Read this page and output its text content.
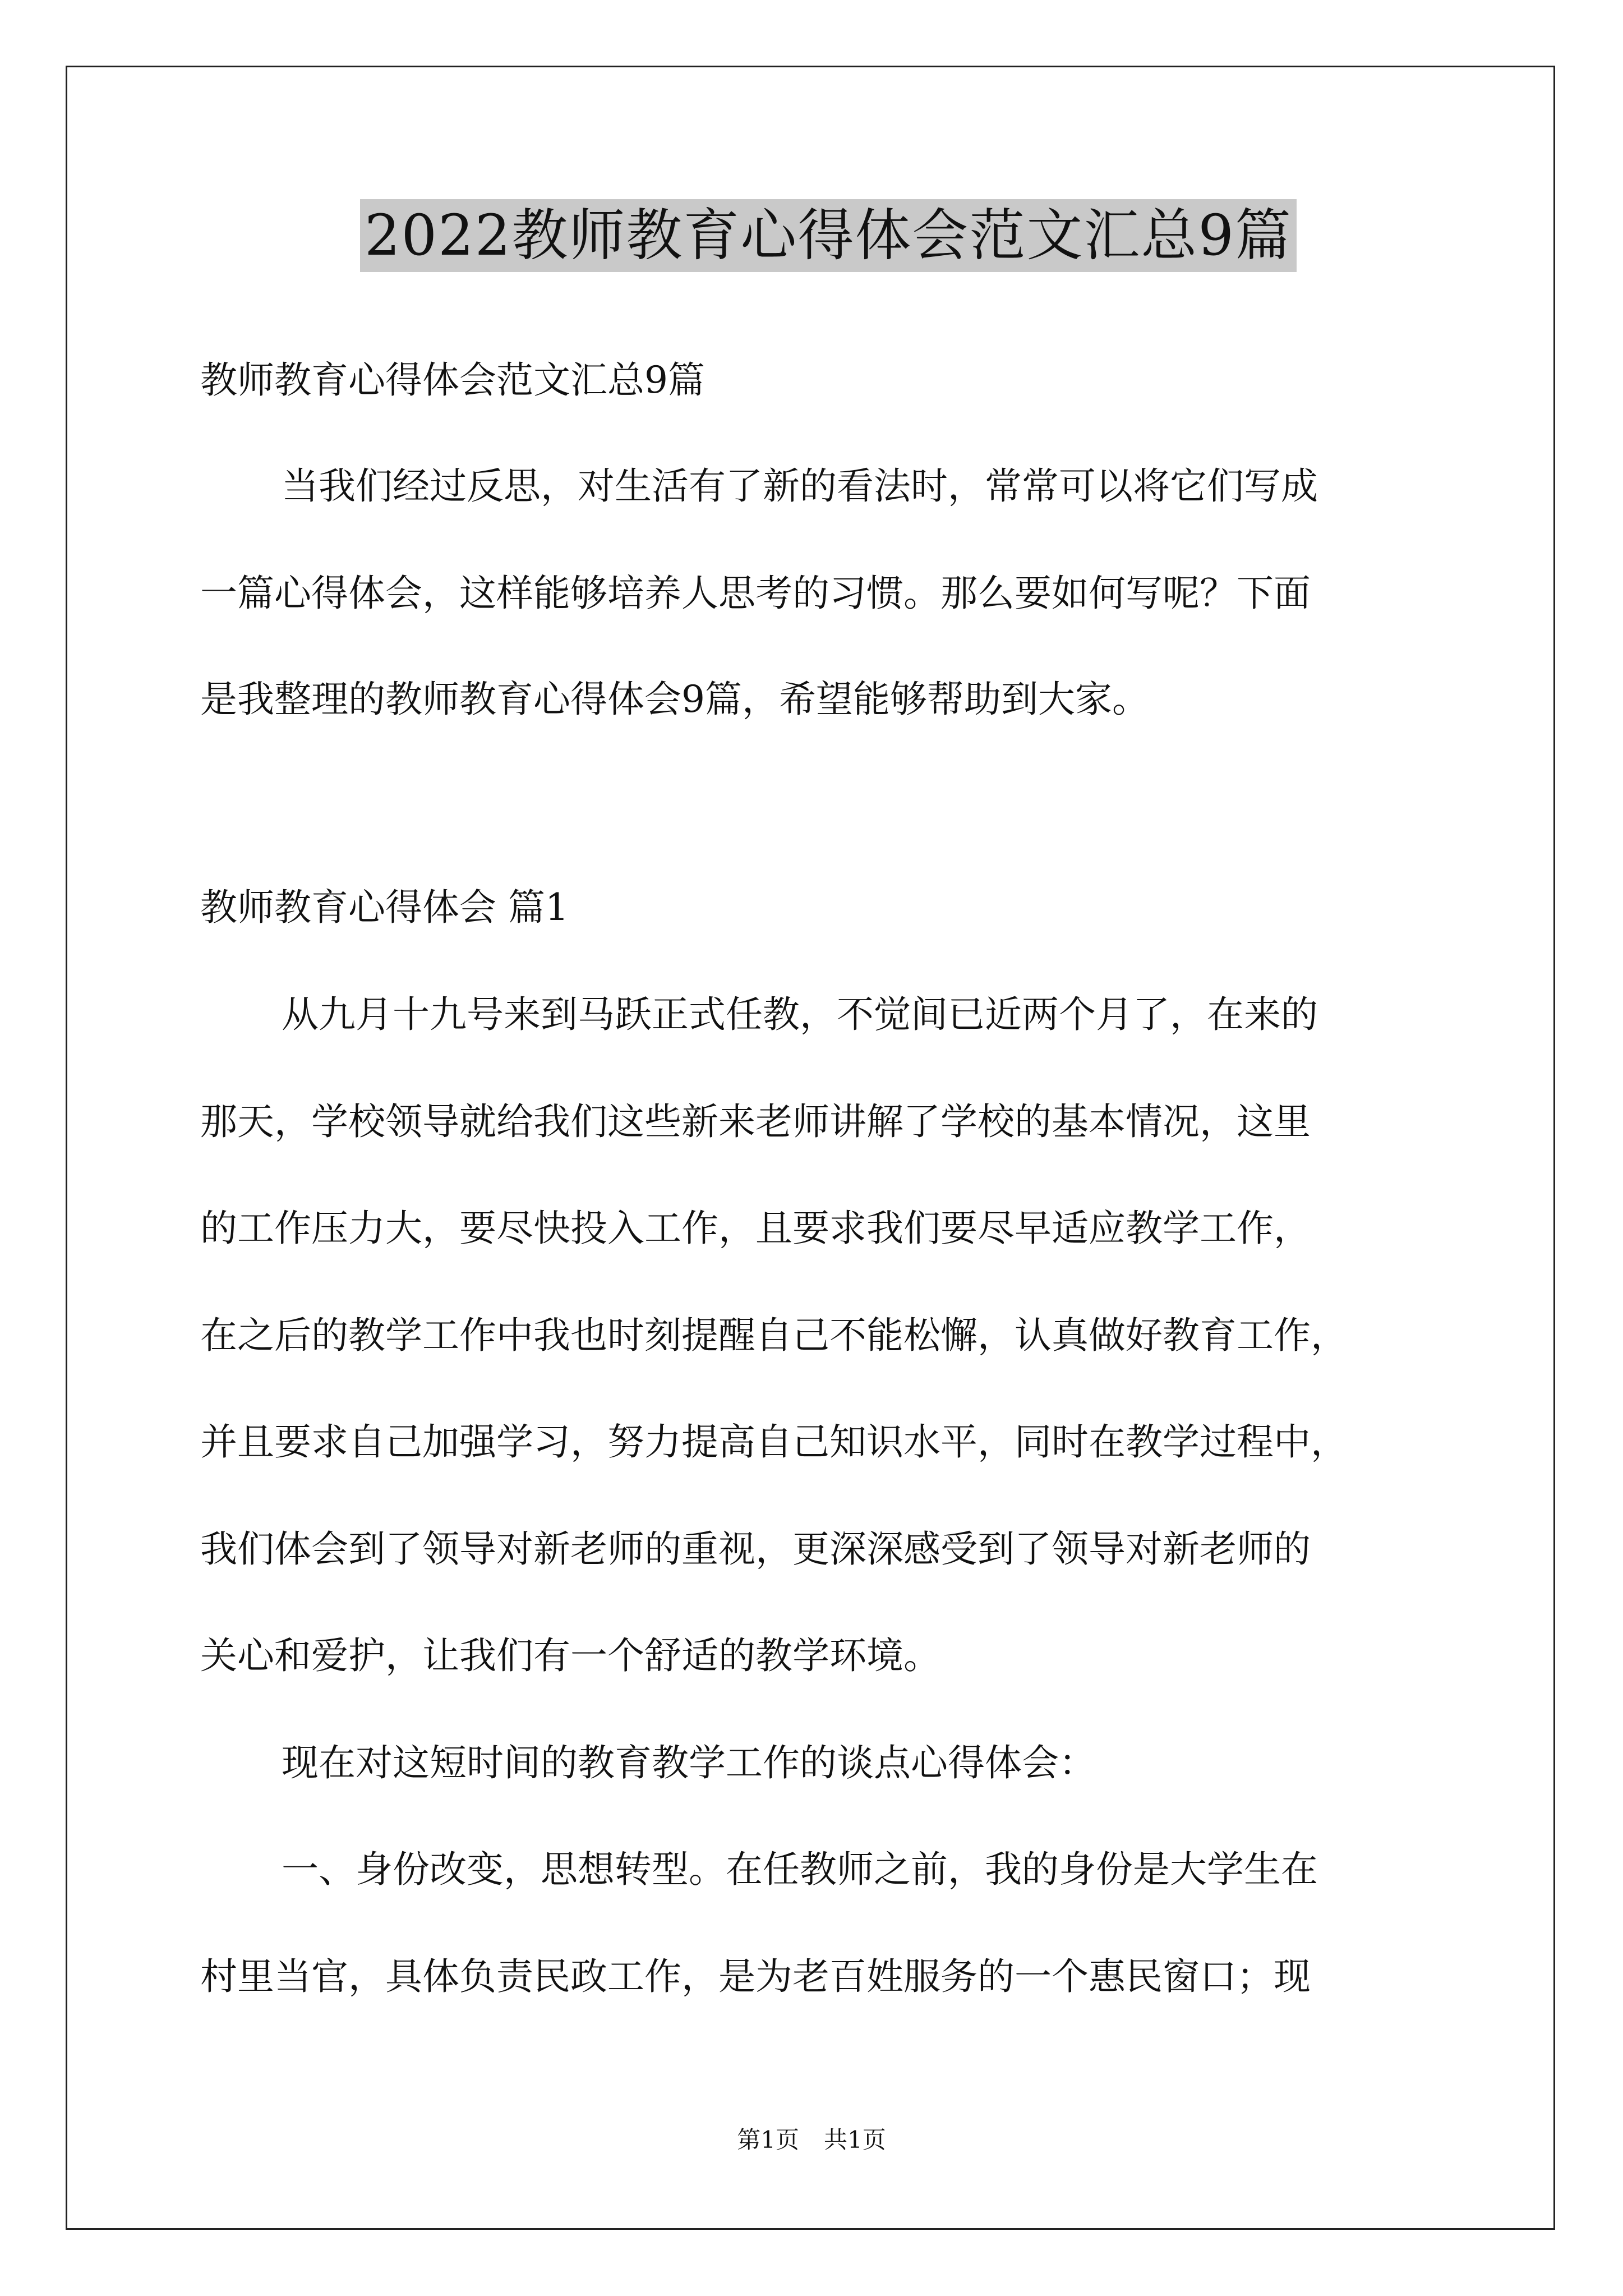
2022教师教育心得体会范文汇总9篇
教师教育心得体会范文汇总9篇
当我们经过反思，对生活有了新的看法时，常常可以将它们写成
一篇心得体会，这样能够培养人思考的习惯。那么要如何写呢？下面
是我整理的教师教育心得体会9篇，希望能够帮助到大家。
教师教育心得体会 篇1
从九月十九号来到马跃正式任教，不觉间已近两个月了，在来的
那天，学校领导就给我们这些新来老师讲解了学校的基本情况，这里
的工作压力大，要尽快投入工作，且要求我们要尽早适应教学工作，
在之后的教学工作中我也时刻提醒自己不能松懈，认真做好教育工作，
并且要求自己加强学习，努力提高自己知识水平，同时在教学过程中，
我们体会到了领导对新老师的重视，更深深感受到了领导对新老师的
关心和爱护，让我们有一个舒适的教学环境。
现在对这短时间的教育教学工作的谈点心得体会：
一、身份改变，思想转型。在任教师之前，我的身份是大学生在
村里当官，具体负责民政工作，是为老百姓服务的一个惠民窗口；现
第1页 共1页
